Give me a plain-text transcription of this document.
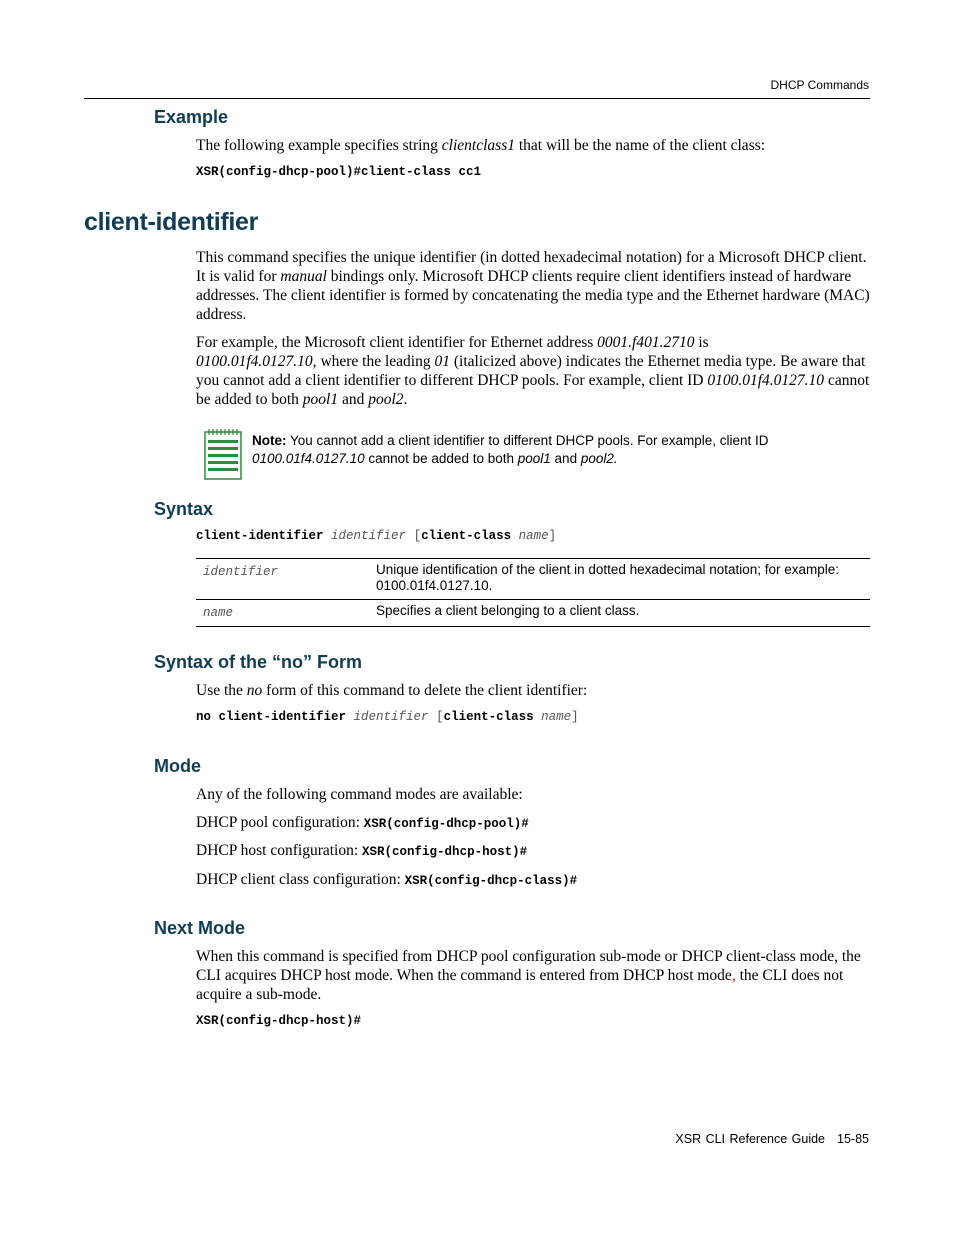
DHCP Commands
Example

The following example specifies string clientclass1 that will be the name of the client class:

XSR(config-dhcp-pool)#client-class cc1

client-identifier

This command specifies the unique identifier (in dotted hexadecimal notation) for a Microsoft DHCP client. It is valid for manual bindings only. Microsoft DHCP clients require client identifiers instead of hardware addresses. The client identifier is formed by concatenating the media type and the Ethernet hardware (MAC) address.

For example, the Microsoft client identifier for Ethernet address 0001.f401.2710 is
0100.01f4.0127.10, where the leading 01 (italicized above) indicates the Ethernet media type. Be aware that you cannot add a client identifier to different DHCP pools. For example, client ID 0100.01f4.0127.10 cannot be added to both pool1 and pool2.

Note: You cannot add a client identifier to different DHCP pools. For example, client ID
0100.01f4.0127.10 cannot be added to both pool1 and pool2.
Syntax

client-identifier identifier [client-class name]

identifier	Unique identification of the client in dotted hexadecimal notation; for example: 0100.01f4.0127.10.
name	Specifies a client belonging to a client class.
Syntax of the “no” Form

Use the no form of this command to delete the client identifier:

no client-identifier identifier [client-class name]

Mode

Any of the following command modes are available:

DHCP pool configuration: XSR(config-dhcp-pool)#

DHCP host configuration: XSR(config-dhcp-host)#

DHCP client class configuration: XSR(config-dhcp-class)#

Next Mode

When this command is specified from DHCP pool configuration sub-mode or DHCP client-class mode, the CLI acquires DHCP host mode. When the command is entered from DHCP host mode, the CLI does not acquire a sub-mode.

XSR(config-dhcp-host)#

XSR CLI Reference Guide 15-85
